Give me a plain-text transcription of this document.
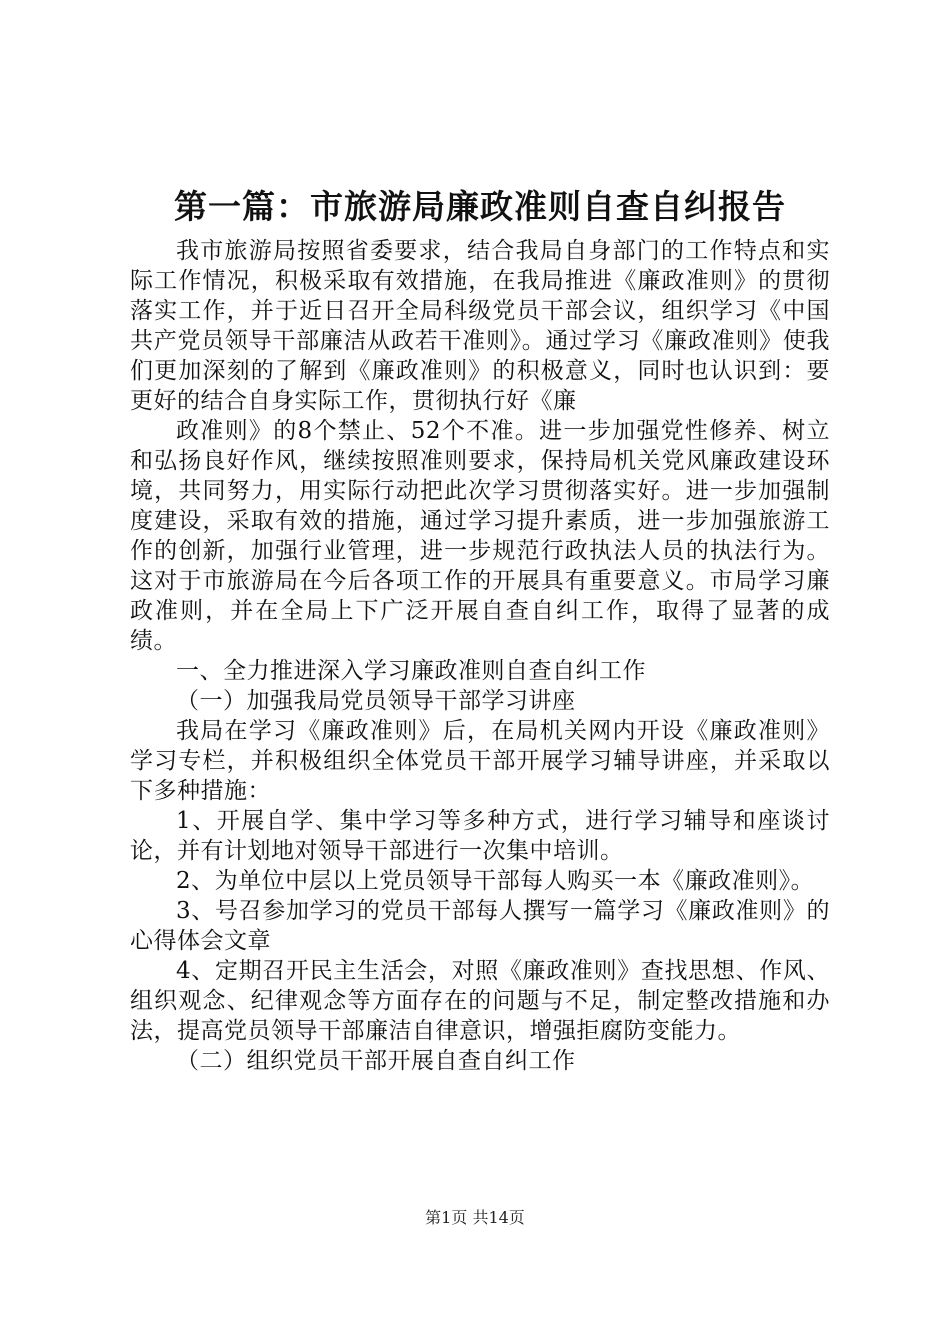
第一篇：市旅游局廉政准则自查自纠报告

我市旅游局按照省委要求，结合我局自身部门的工作特点和实际工作情况，积极采取有效措施，在我局推进《廉政准则》的贯彻落实工作，并于近日召开全局科级党员干部会议，组织学习《中国共产党员领导干部廉洁从政若干准则》。通过学习《廉政准则》使我们更加深刻的了解到《廉政准则》的积极意义，同时也认识到：要更好的结合自身实际工作，贯彻执行好《廉

政准则》的8个禁止、52个不准。进一步加强党性修养、树立和弘扬良好作风，继续按照准则要求，保持局机关党风廉政建设环境，共同努力，用实际行动把此次学习贯彻落实好。进一步加强制度建设，采取有效的措施，通过学习提升素质，进一步加强旅游工作的创新，加强行业管理，进一步规范行政执法人员的执法行为。这对于市旅游局在今后各项工作的开展具有重要意义。市局学习廉政准则，并在全局上下广泛开展自查自纠工作，取得了显著的成绩。

一、全力推进深入学习廉政准则自查自纠工作

（一）加强我局党员领导干部学习讲座

我局在学习《廉政准则》后，在局机关网内开设《廉政准则》学习专栏，并积极组织全体党员干部开展学习辅导讲座，并采取以下多种措施：

1、开展自学、集中学习等多种方式，进行学习辅导和座谈讨论，并有计划地对领导干部进行一次集中培训。

2、为单位中层以上党员领导干部每人购买一本《廉政准则》。

3、号召参加学习的党员干部每人撰写一篇学习《廉政准则》的心得体会文章

4、定期召开民主生活会，对照《廉政准则》查找思想、作风、组织观念、纪律观念等方面存在的问题与不足，制定整改措施和办法，提高党员领导干部廉洁自律意识，增强拒腐防变能力。

（二）组织党员干部开展自查自纠工作

第1页 共14页
